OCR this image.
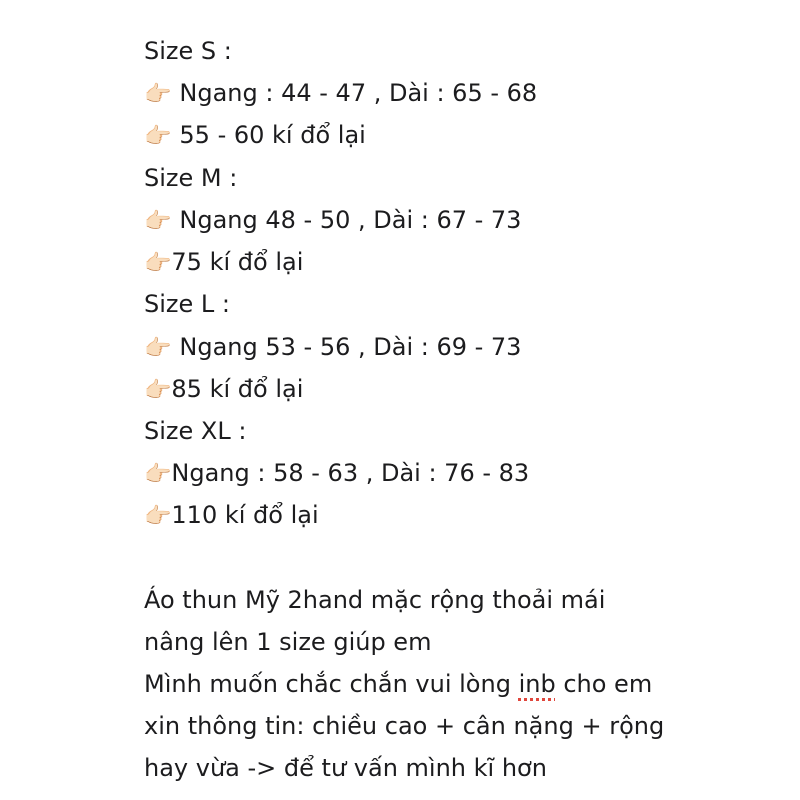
Size S :
👉🏻 Ngang : 44 - 47 , Dài : 65 - 68
👉🏻 55 - 60 kí đổ lại
Size M :
👉🏻 Ngang 48 - 50 , Dài : 67 - 73
👉🏻75 kí đổ lại
Size L :
👉🏻 Ngang 53 - 56 , Dài : 69 - 73
👉🏻85 kí đổ lại
Size XL :
👉🏻Ngang : 58 - 63 , Dài : 76 - 83
👉🏻110 kí đổ lại
Áo thun Mỹ 2hand mặc rộng thoải mái
nâng lên 1 size giúp em
Mình muốn chắc chắn vui lòng inb cho em
xin thông tin: chiều cao + cân nặng + rộng
hay vừa -> để tư vấn mình kĩ hơn
